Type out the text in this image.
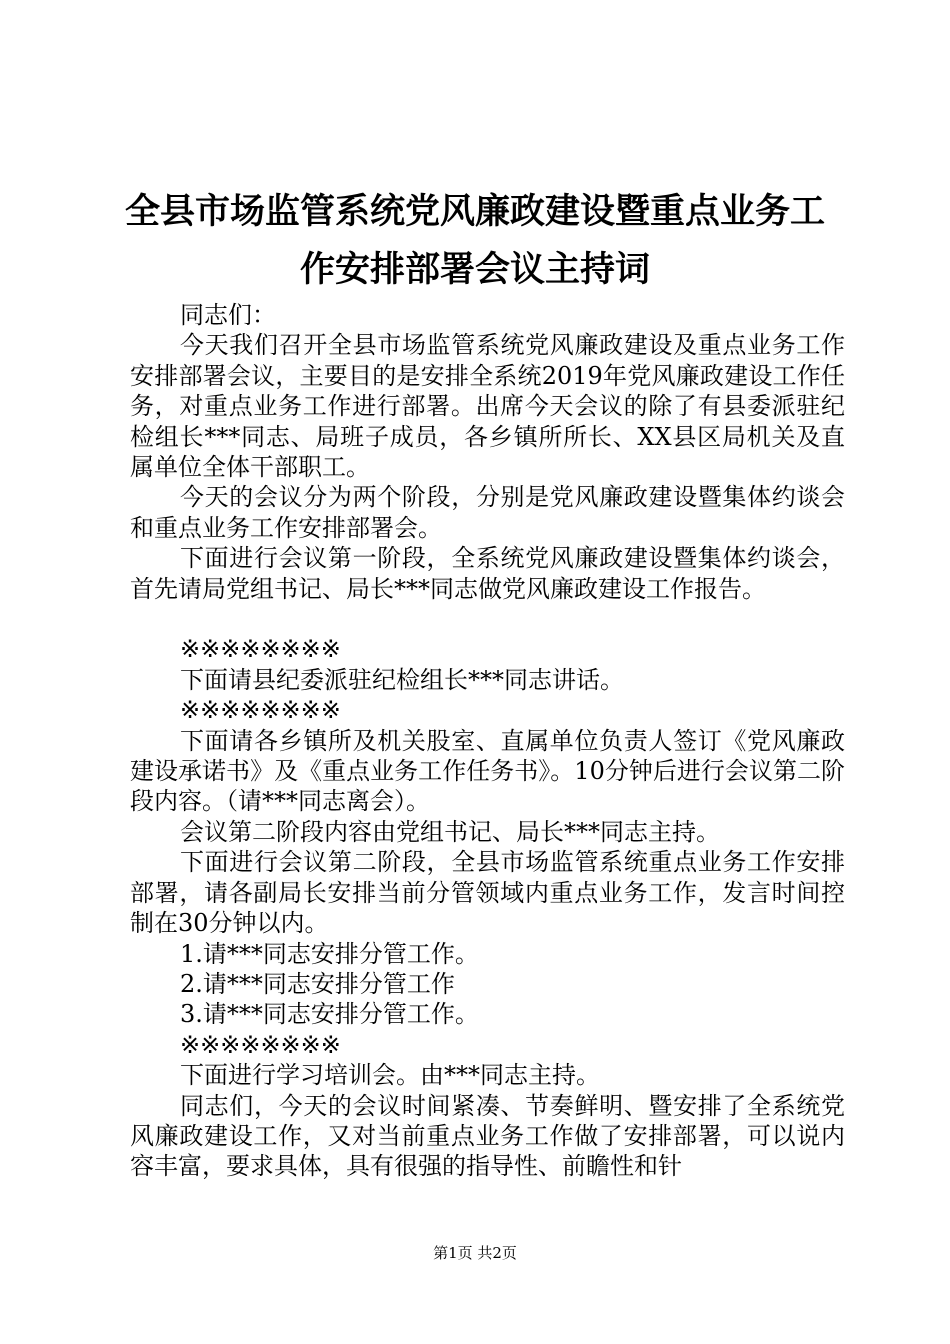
全县市场监管系统党风廉政建设暨重点业务工
作安排部署会议主持词

同志们：

今天我们召开全县市场监管系统党风廉政建设及重点业务工作安排部署会议，主要目的是安排全系统2019年党风廉政建设工作任务，对重点业务工作进行部署。出席今天会议的除了有县委派驻纪检组长***同志、局班子成员，各乡镇所所长、XX县区局机关及直属单位全体干部职工。

今天的会议分为两个阶段，分别是党风廉政建设暨集体约谈会和重点业务工作安排部署会。

下面进行会议第一阶段，全系统党风廉政建设暨集体约谈会，首先请局党组书记、局长***同志做党风廉政建设工作报告。

※※※※※※※※

下面请县纪委派驻纪检组长***同志讲话。

※※※※※※※※

下面请各乡镇所及机关股室、直属单位负责人签订《党风廉政建设承诺书》及《重点业务工作任务书》。10分钟后进行会议第二阶段内容。（请***同志离会）。

会议第二阶段内容由党组书记、局长***同志主持。

下面进行会议第二阶段，全县市场监管系统重点业务工作安排部署，请各副局长安排当前分管领域内重点业务工作，发言时间控制在30分钟以内。

1.请***同志安排分管工作。

2.请***同志安排分管工作

3.请***同志安排分管工作。

※※※※※※※※

下面进行学习培训会。由***同志主持。

同志们，今天的会议时间紧凑、节奏鲜明、暨安排了全系统党风廉政建设工作，又对当前重点业务工作做了安排部署，可以说内容丰富，要求具体，具有很强的指导性、前瞻性和针

第1页 共2页
